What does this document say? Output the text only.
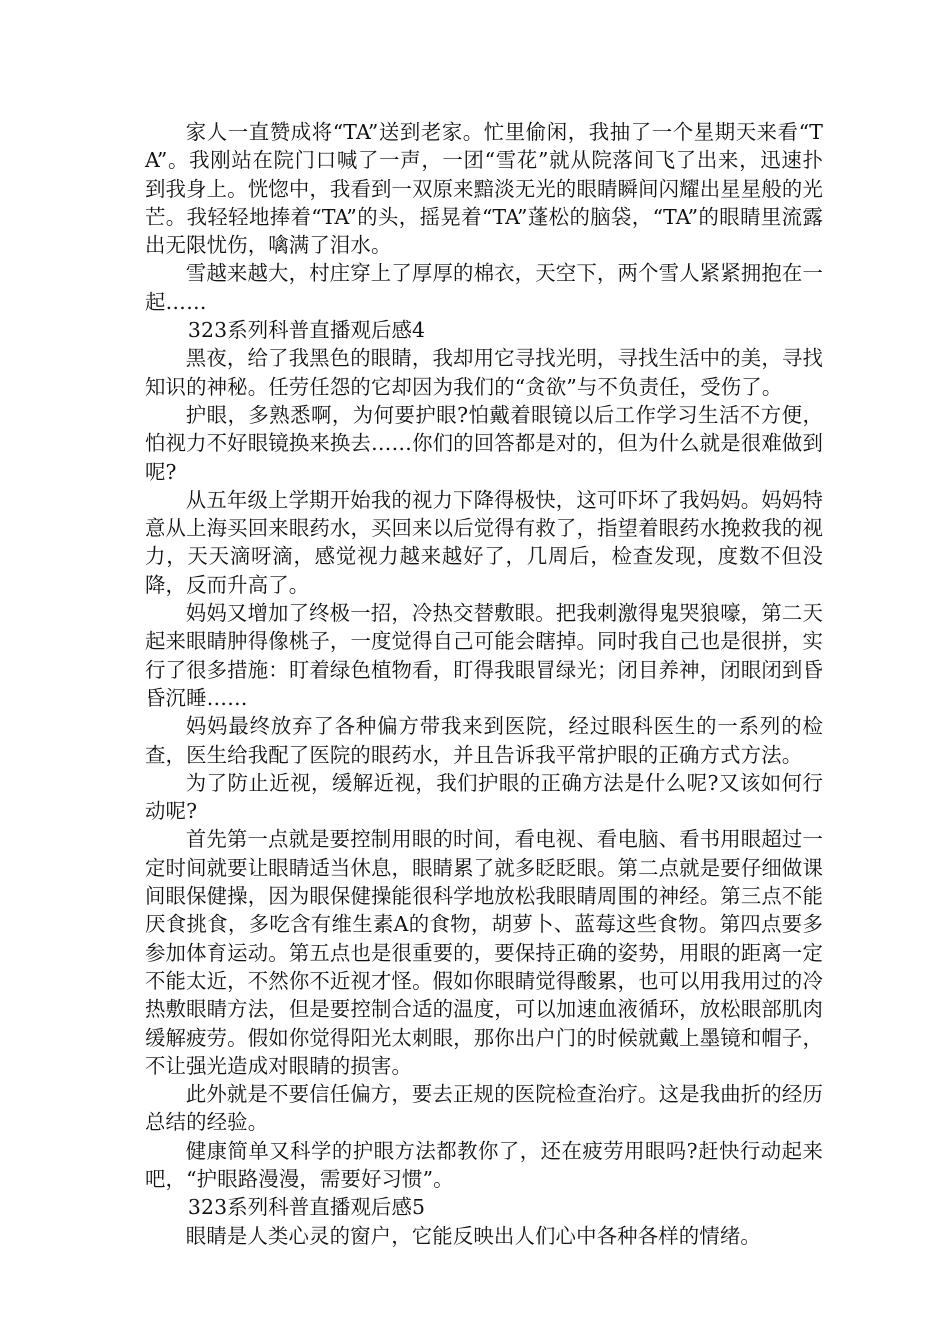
家人一直赞成将“TA”送到老家。忙里偷闲，我抽了一个星期天来看“TA”。我刚站在院门口喊了一声，一团“雪花”就从院落间飞了出来，迅速扑到我身上。恍惚中，我看到一双原来黯淡无光的眼睛瞬间闪耀出星星般的光芒。我轻轻地捧着“TA”的头，摇晃着“TA”蓬松的脑袋，“TA”的眼睛里流露出无限忧伤，噙满了泪水。

雪越来越大，村庄穿上了厚厚的棉衣，天空下，两个雪人紧紧拥抱在一起……

323系列科普直播观后感4

黑夜，给了我黑色的眼睛，我却用它寻找光明，寻找生活中的美，寻找知识的神秘。任劳任怨的它却因为我们的“贪欲”与不负责任，受伤了。

护眼，多熟悉啊，为何要护眼?怕戴着眼镜以后工作学习生活不方便，怕视力不好眼镜换来换去……你们的回答都是对的，但为什么就是很难做到呢?

从五年级上学期开始我的视力下降得极快，这可吓坏了我妈妈。妈妈特意从上海买回来眼药水，买回来以后觉得有救了，指望着眼药水挽救我的视力，天天滴呀滴，感觉视力越来越好了，几周后，检查发现，度数不但没降，反而升高了。

妈妈又增加了终极一招，冷热交替敷眼。把我刺激得鬼哭狼嚎，第二天起来眼睛肿得像桃子，一度觉得自己可能会瞎掉。同时我自己也是很拼，实行了很多措施：盯着绿色植物看，盯得我眼冒绿光；闭目养神，闭眼闭到昏昏沉睡……

妈妈最终放弃了各种偏方带我来到医院，经过眼科医生的一系列的检查，医生给我配了医院的眼药水，并且告诉我平常护眼的正确方式方法。

为了防止近视，缓解近视，我们护眼的正确方法是什么呢?又该如何行动呢?

首先第一点就是要控制用眼的时间，看电视、看电脑、看书用眼超过一定时间就要让眼睛适当休息，眼睛累了就多眨眨眼。第二点就是要仔细做课间眼保健操，因为眼保健操能很科学地放松我眼睛周围的神经。第三点不能厌食挑食，多吃含有维生素A的食物，胡萝卜、蓝莓这些食物。第四点要多参加体育运动。第五点也是很重要的，要保持正确的姿势，用眼的距离一定不能太近，不然你不近视才怪。假如你眼睛觉得酸累，也可以用我用过的冷热敷眼睛方法，但是要控制合适的温度，可以加速血液循环，放松眼部肌肉缓解疲劳。假如你觉得阳光太刺眼，那你出户门的时候就戴上墨镜和帽子，不让强光造成对眼睛的损害。

此外就是不要信任偏方，要去正规的医院检查治疗。这是我曲折的经历总结的经验。

健康简单又科学的护眼方法都教你了，还在疲劳用眼吗?赶快行动起来吧，“护眼路漫漫，需要好习惯”。

323系列科普直播观后感5

眼睛是人类心灵的窗户，它能反映出人们心中各种各样的情绪。
